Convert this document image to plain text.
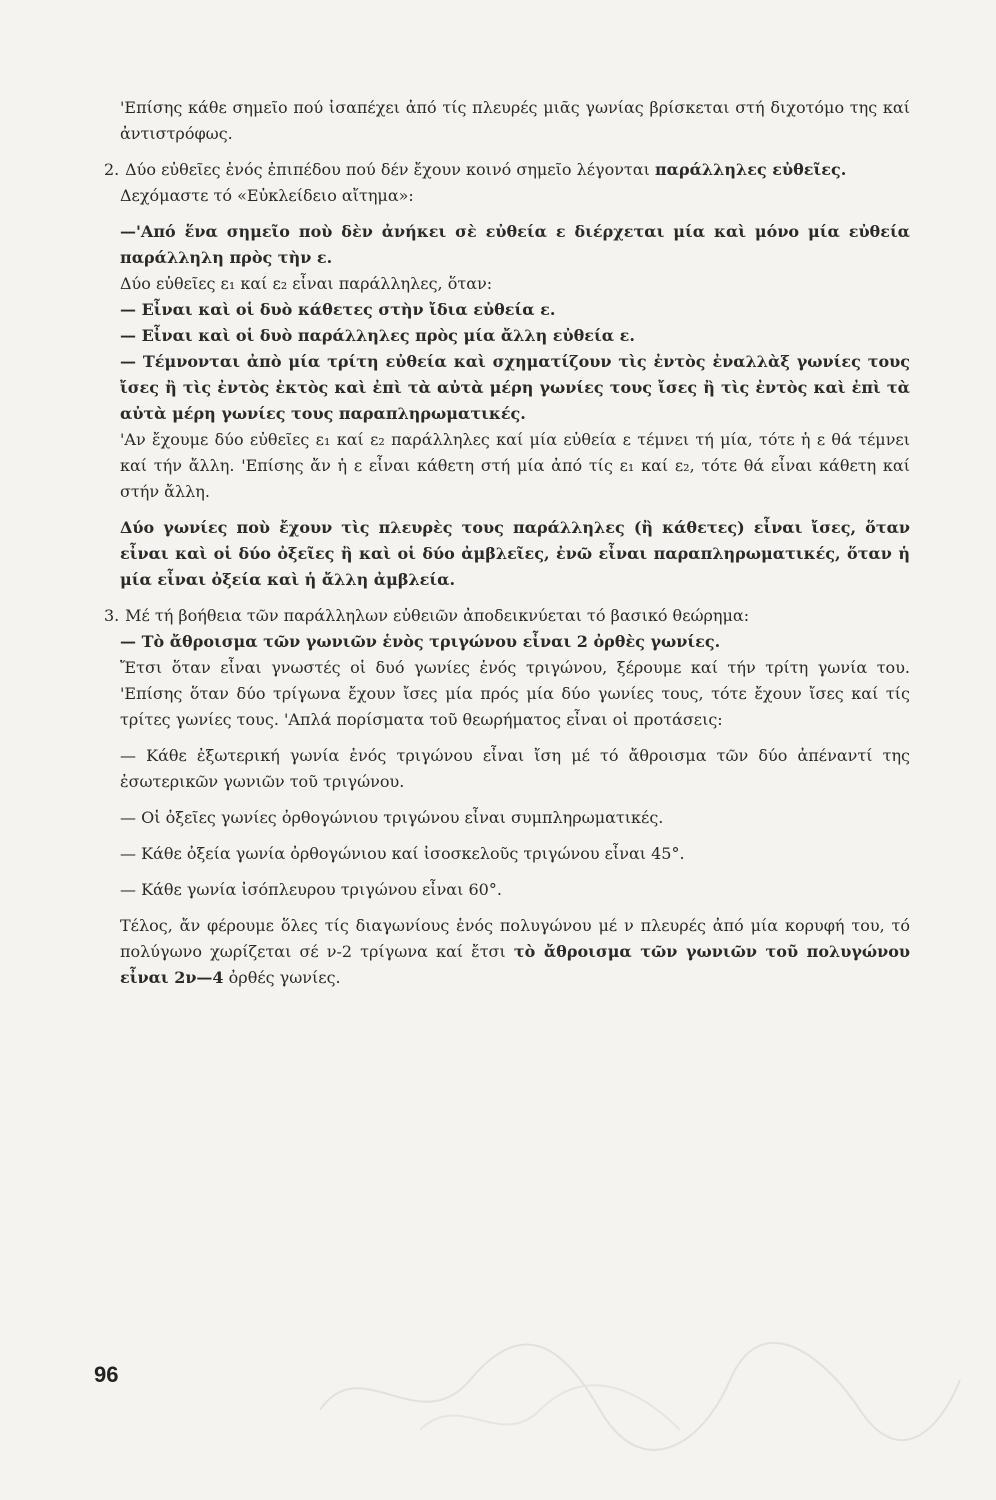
'Επίσης κάθε σημεῖο πού ἰσαπέχει ἀπό τίς πλευρές μιᾶς γωνίας βρίσκεται στή διχοτόμο της καί ἀντιστρόφως.

2. Δύο εὐθεῖες ἑνός ἐπιπέδου πού δέν ἔχουν κοινό σημεῖο λέγονται παράλληλες εὐθεῖες.

Δεχόμαστε τό «Εὐκλείδειο αἴτημα»:

—'Από ἕνα σημεῖο ποὺ δὲν ἀνήκει σὲ εὐθεία ε διέρχεται μία καὶ μόνο μία εὐθεία παράλληλη πρὸς τὴν ε.

Δύο εὐθεῖες ε₁ καί ε₂ εἶναι παράλληλες, ὅταν:

— Εἶναι καὶ οἱ δυὸ κάθετες στὴν ἴδια εὐθεία ε.

— Εἶναι καὶ οἱ δυὸ παράλληλες πρὸς μία ἄλλη εὐθεία ε.

— Τέμνονται ἀπὸ μία τρίτη εὐθεία καὶ σχηματίζουν τὶς ἐντὸς ἐναλλὰξ γωνίες τους ἴσες ἢ τὶς ἐντὸς ἐκτὸς καὶ ἐπὶ τὰ αὐτὰ μέρη γωνίες τους ἴσες ἢ τὶς ἐντὸς καὶ ἐπὶ τὰ αὐτὰ μέρη γωνίες τους παραπληρωματικές.

'Αν ἔχουμε δύο εὐθεῖες ε₁ καί ε₂ παράλληλες καί μία εὐθεία ε τέμνει τή μία, τότε ἡ ε θά τέμνει καί τήν ἄλλη. 'Επίσης ἄν ἡ ε εἶναι κάθετη στή μία ἀπό τίς ε₁ καί ε₂, τότε θά εἶναι κάθετη καί στήν ἄλλη.

Δύο γωνίες ποὺ ἔχουν τὶς πλευρὲς τους παράλληλες (ἢ κάθετες) εἶναι ἴσες, ὅταν εἶναι καὶ οἱ δύο ὀξεῖες ἢ καὶ οἱ δύο ἀμβλεῖες, ἐνῶ εἶναι παραπληρωματικές, ὅταν ἡ μία εἶναι ὀξεία καὶ ἡ ἄλλη ἀμβλεία.

3. Μέ τή βοήθεια τῶν παράλληλων εὐθειῶν ἀποδεικνύεται τό βασικό θεώρημα:

— Τὸ ἄθροισμα τῶν γωνιῶν ἑνὸς τριγώνου εἶναι 2 ὀρθὲς γωνίες.

Ἔτσι ὅταν εἶναι γνωστές οἱ δυό γωνίες ἑνός τριγώνου, ξέρουμε καί τήν τρίτη γωνία του. 'Επίσης ὅταν δύο τρίγωνα ἔχουν ἴσες μία πρός μία δύο γωνίες τους, τότε ἔχουν ἴσες καί τίς τρίτες γωνίες τους. 'Απλά πορίσματα τοῦ θεωρήματος εἶναι οἱ προτάσεις:

— Κάθε ἐξωτερική γωνία ἑνός τριγώνου εἶναι ἴση μέ τό ἄθροισμα τῶν δύο ἀπέναντί της ἐσωτερικῶν γωνιῶν τοῦ τριγώνου.

— Οἱ ὀξεῖες γωνίες ὀρθογώνιου τριγώνου εἶναι συμπληρωματικές.

— Κάθε ὀξεία γωνία ὀρθογώνιου καί ἰσοσκελοῦς τριγώνου εἶναι 45°.

— Κάθε γωνία ἰσόπλευρου τριγώνου εἶναι 60°.

Τέλος, ἄν φέρουμε ὅλες τίς διαγωνίους ἑνός πολυγώνου μέ ν πλευρές ἀπό μία κορυφή του, τό πολύγωνο χωρίζεται σέ ν-2 τρίγωνα καί ἔτσι τὸ ἄθροισμα τῶν γωνιῶν τοῦ πολυγώνου εἶναι 2ν—4 ὀρθές γωνίες.

96
